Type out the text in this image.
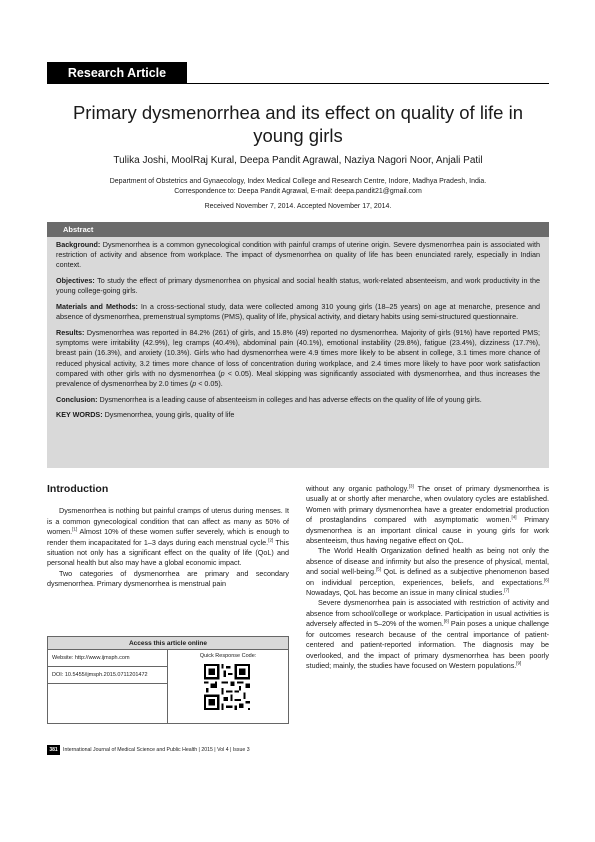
Research Article
Primary dysmenorrhea and its effect on quality of life in young girls
Tulika Joshi, MoolRaj Kural, Deepa Pandit Agrawal, Naziya Nagori Noor, Anjali Patil
Department of Obstetrics and Gynaecology, Index Medical College and Research Centre, Indore, Madhya Pradesh, India.
Correspondence to: Deepa Pandit Agrawal, E-mail: deepa.pandit21@gmail.com
Received November 7, 2014. Accepted November 17, 2014.
Abstract

Background: Dysmenorrhea is a common gynecological condition with painful cramps of uterine origin. Severe dysmenorrhea pain is associated with restriction of activity and absence from workplace. The impact of dysmenorrhea on quality of life has been enunciated rarely, especially in Indian context.

Objectives: To study the effect of primary dysmenorrhea on physical and social health status, work-related absenteeism, and work productivity in the young college-going girls.

Materials and Methods: In a cross-sectional study, data were collected among 310 young girls (18–25 years) on age at menarche, presence and absence of dysmenorrhea, premenstrual symptoms (PMS), quality of life, physical activity, and dietary habits using semi-structured questionnaire.

Results: Dysmenorrhea was reported in 84.2% (261) of girls, and 15.8% (49) reported no dysmenorrhea. Majority of girls (91%) have reported PMS; symptoms were irritability (42.9%), leg cramps (40.4%), abdominal pain (40.1%), emotional instability (29.8%), fatigue (23.4%), dizziness (17.7%), breast pain (16.3%), and anxiety (10.3%). Girls who had dysmenorrhea were 4.9 times more likely to be absent in college, 3.1 times more chance of reduced physical activity, 3.2 times more chance of loss of concentration during workplace, and 2.4 times more likely to have poor work satisfaction compared with other girls with no dysmenorrhea (p < 0.05). Meal skipping was significantly associated with dysmenorrhea, and thus increases the prevalence of dysmenorrhea by 2.0 times (p < 0.05).

Conclusion: Dysmenorrhea is a leading cause of absenteeism in colleges and has adverse effects on the quality of life of young girls.

KEY WORDS: Dysmenorrhea, young girls, quality of life

Introduction

Dysmenorrhea is nothing but painful cramps of uterus during menses. It is a common gynecological condition that can affect as many as 50% of women.[1] Almost 10% of these women suffer severely, which is enough to render them incapacitated for 1–3 days during each menstrual cycle.[2] This situation not only has a significant effect on the quality of life (QoL) and personal health but also may have a global economic impact.

Two categories of dysmenorrhea are primary and secondary dysmenorrhea. Primary dysmenorrhea is menstrual pain

Access this article online
Website: http://www.ijmsph.com
DOI: 10.5455/ijmsph.2015.0711201472
Quick Response Code:

without any organic pathology.[3] The onset of primary dysmenorrhea is usually at or shortly after menarche, when ovulatory cycles are established. Women with primary dysmenorrhea have a greater endometrial production of prostaglandins compared with asymptomatic women.[4] Primary dysmenorrhea is an important clinical cause in young girls for work absenteeism, thus having negative effect on QoL.

The World Health Organization defined health as being not only the absence of disease and infirmity but also the presence of physical, mental, and social well-being.[5] QoL is defined as a subjective phenomenon based on individual perception, experiences, beliefs, and expectations.[6] Nowadays, QoL has become an issue in many clinical studies.[7]

Severe dysmenorrhea pain is associated with restriction of activity and absence from school/college or workplace. Participation in usual activities is adversely affected in 5–20% of the women.[8] Pain poses a unique challenge for outcomes research because of the central importance of patient-centered and patient-reported information. The diagnosis may be overlooked, and the impact of primary dysmenorrhea has been poorly studied; mainly, the studies have focused on Western populations.[9]

381	International Journal of Medical Science and Public Health | 2015 | Vol 4 | Issue 3
